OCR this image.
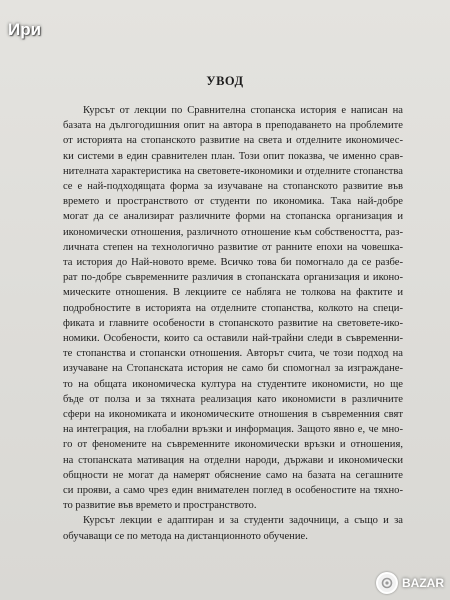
Ири
УВОД
Курсът от лекции по Сравнителна стопанска история е написан на
базата на дългогодишния опит на автора в преподаването на проблемите
от историята на стопанското развитие на света и отделните икономичес-
ки системи в един сравнителен план. Този опит показва, че именно срав-
нителната характеристика на световете-икономики и отделните стопанства
сe е най-подходящата форма за изучаване на стопанското развитие във
времето и пространството от студенти по икономика. Така най-добре
могат да се анализират различните форми на стопанска организация и
икономически отношения, различното отношение към собствеността, раз-
личната степен на технологично развитие от ранните епохи на човешка-
та история до Най-новото време. Всичко това би помогнало да се разбе-
рат по-добре съвременните различия в стопанската организация и иконо-
мическите отношения. В лекциите се наблягa не толкова на фактите и
подробностите в историята на отделните стопанства, колкото на специ-
фиката и главните особености в стопанското развитие на световете-ико-
номики. Особености, които са оставили най-трайни следи в съвременни-
те стопанства и стопански отношения. Авторът счита, че този подход на
изучаване на Стопанската история не само би спомогнал за изграждане-
то на общата икономическа култура на студентите икономисти, но ще
бъде от полза и за тяхната реализация като икономисти в различните
сфери на икономиката и икономическите отношения в съвременния свят
на интеграция, на глобални връзки и информация. Защото явно е, че мно-
го от феномените на съвременните икономически връзки и отношения,
на стопанската мативация на отделни народи, държави и икономически
общности не могат да намерят обяснение само на базата на сегашните
си прояви, а само чрез един внимателен поглед в особеностите на тяхно-
то развитие във времето и пространството.
Курсът лекции е адаптиран и за студенти задочници, а също и за
обучаващи се по метода на дистанционното обучение.
BAZAR
